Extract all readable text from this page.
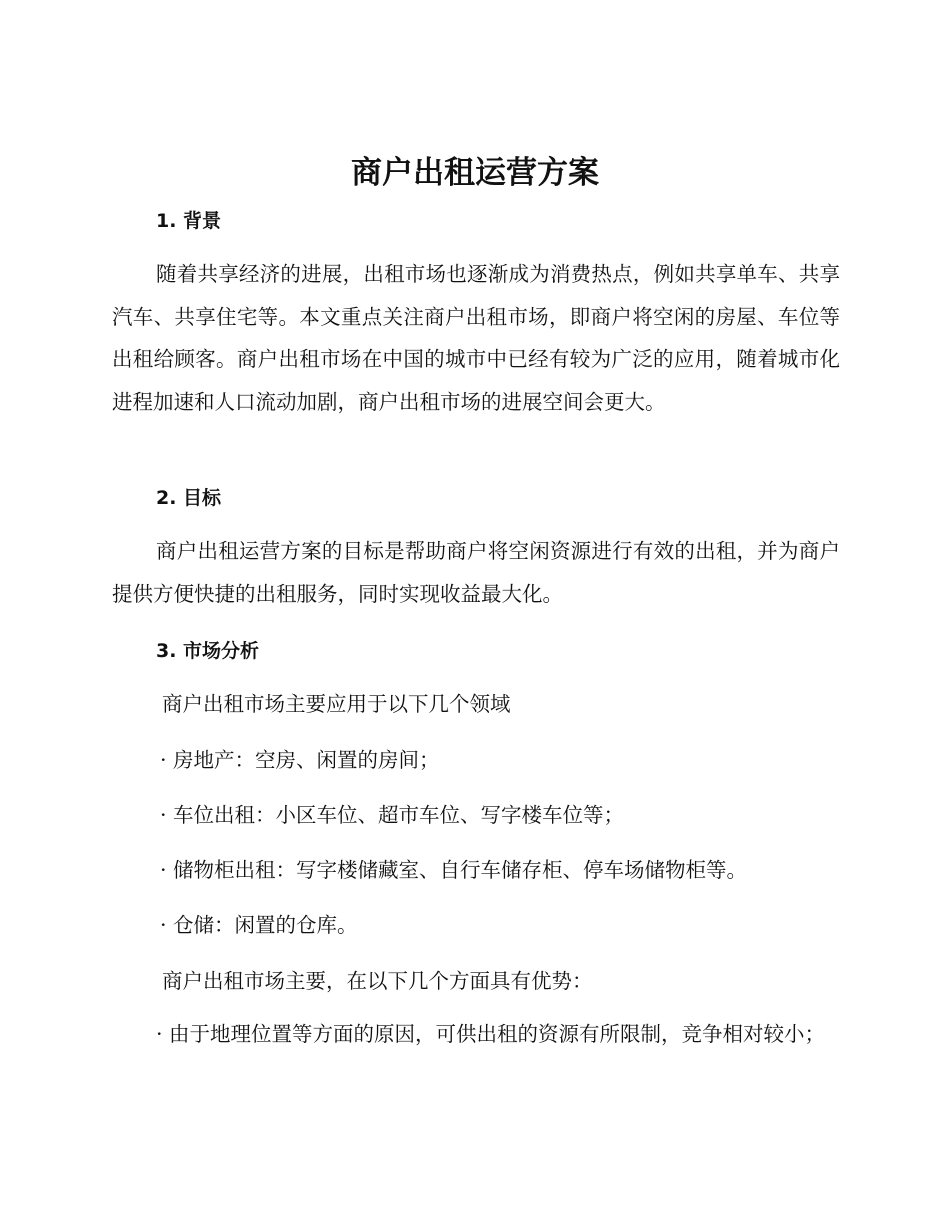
商户出租运营方案
1. 背景

随着共享经济的进展，出租市场也逐渐成为消费热点，例如共享单车、共享汽车、共享住宅等。本文重点关注商户出租市场，即商户将空闲的房屋、车位等出租给顾客。商户出租市场在中国的城市中已经有较为广泛的应用，随着城市化进程加速和人口流动加剧，商户出租市场的进展空间会更大。

2. 目标

商户出租运营方案的目标是帮助商户将空闲资源进行有效的出租，并为商户提供方便快捷的出租服务，同时实现收益最大化。

3. 市场分析

商户出租市场主要应用于以下几个领域

· 房地产：空房、闲置的房间；

· 车位出租：小区车位、超市车位、写字楼车位等；

· 储物柜出租：写字楼储藏室、自行车储存柜、停车场储物柜等。

· 仓储：闲置的仓库。

商户出租市场主要，在以下几个方面具有优势：

· 由于地理位置等方面的原因，可供出租的资源有所限制，竞争相对较小；
